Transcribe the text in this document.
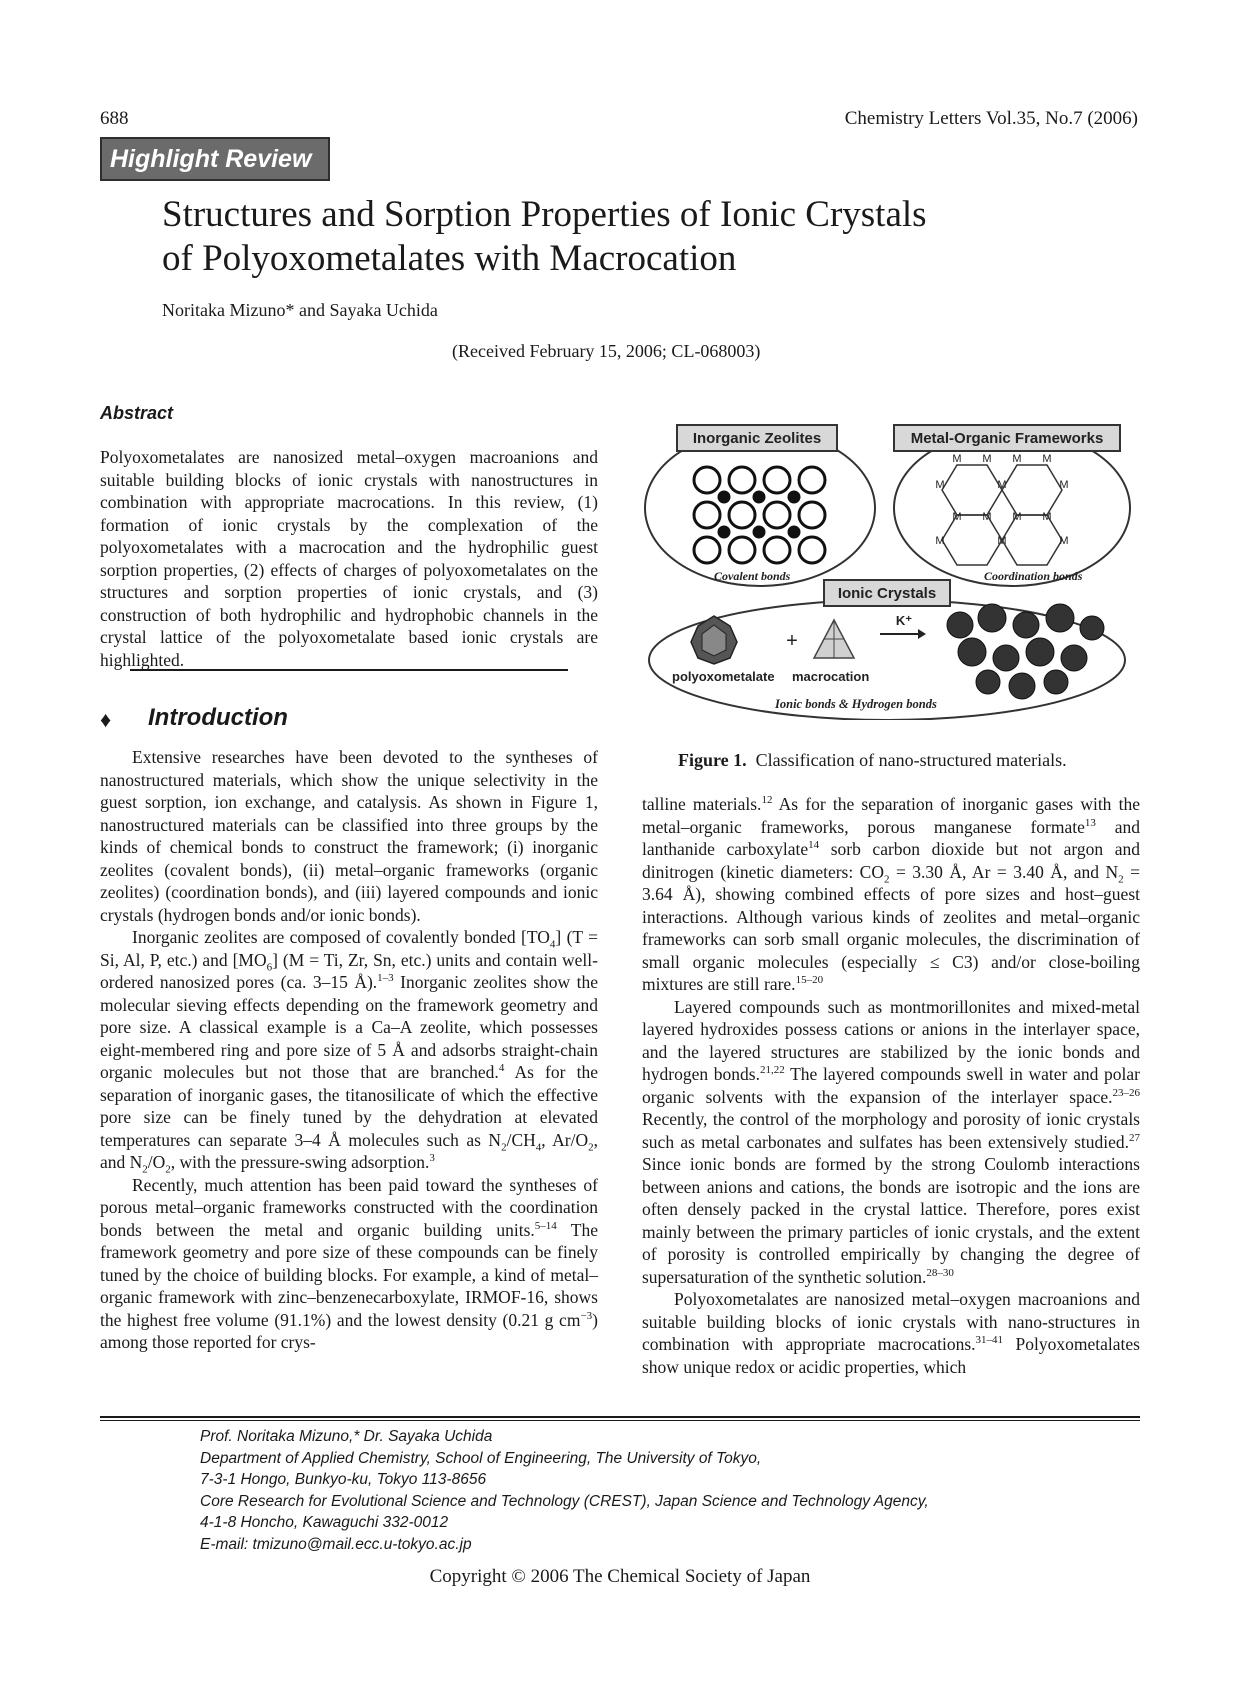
688	Chemistry Letters Vol.35, No.7 (2006)
Highlight Review
Structures and Sorption Properties of Ionic Crystals
of Polyoxometalates with Macrocation
Noritaka Mizuno* and Sayaka Uchida
(Received February 15, 2006; CL-068003)
Abstract

Polyoxometalates are nanosized metal–oxygen macroanions and suitable building blocks of ionic crystals with nanostructures in combination with appropriate macrocations. In this review, (1) formation of ionic crystals by the complexation of the polyoxometalates with a macrocation and the hydrophilic guest sorption properties, (2) effects of charges of polyoxometalates on the structures and sorption properties of ionic crystals, and (3) construction of both hydrophilic and hydrophobic channels in the crystal lattice of the polyoxometalate based ionic crystals are highlighted.

♦ Introduction

Extensive researches have been devoted to the syntheses of nanostructured materials, which show the unique selectivity in the guest sorption, ion exchange, and catalysis. As shown in Figure 1, nanostructured materials can be classified into three groups by the kinds of chemical bonds to construct the framework; (i) inorganic zeolites (covalent bonds), (ii) metal–organic frameworks (organic zeolites) (coordination bonds), and (iii) layered compounds and ionic crystals (hydrogen bonds and/or ionic bonds).

Inorganic zeolites are composed of covalently bonded $[TO_4] (T = Si$, Al, P, etc.) and $[MO_6] (M = Ti$, Zr, Sn, etc.) units and contain well-ordered nanosized pores (ca. 3–15 Å).$^{1-3}$ Inorganic zeolites show the molecular sieving effects depending on the framework geometry and pore size. A classical example is a Ca–A zeolite, which possesses eight-membered ring and pore size of 5 Å and adsorbs straight-chain organic molecules but not those that are branched.$^4$ As for the separation of inorganic gases, the titanosilicate of which the effective pore size can be finely tuned by the dehydration at elevated temperatures can separate 3–4 Å molecules such as $N_2/CH_4$, $Ar/O_2$, and $N_2/O_2$, with the pressure-swing adsorption.$^3$

Recently, much attention has been paid toward the syntheses of porous metal–organic frameworks constructed with the coordination bonds between the metal and organic building units.$^{5-14}$ The framework geometry and pore size of these compounds can be finely tuned by the choice of building blocks. For example, a kind of metal–organic framework with zinc–benzenecarboxylate, IRMOF-16, shows the highest free volume (91.1%) and the lowest density (0.21 g $cm^{-3}$) among those reported for crys-

Inorganic Zeolites
Covalent bonds
Metal-Organic Frameworks
M M M M
M	M	M
M M M M
M	M	M
Coordination bonds
Ionic Crystals
+
K⁺
polyoxometalate macrocation
Ionic bonds & Hydrogen bonds
Figure 1. Classification of nano-structured materials.

talline materials.$^{12}$ As for the separation of inorganic gases with the metal–organic frameworks, porous manganese formate$^{13}$ and lanthanide carboxylate$^{14}$ sorb carbon dioxide but not argon and dinitrogen (kinetic diameters: $CO_2 = 3.30$ Å, Ar = 3.40 Å, and $N_2 = 3.64$ Å), showing combined effects of pore sizes and host–guest interactions. Although various kinds of zeolites and metal–organic frameworks can sorb small organic molecules, the discrimination of small organic molecules (especially ≤ C3) and/or close-boiling mixtures are still rare.$^{15-20}$

Layered compounds such as montmorillonites and mixed-metal layered hydroxides possess cations or anions in the interlayer space, and the layered structures are stabilized by the ionic bonds and hydrogen bonds.$^{21,22}$ The layered compounds swell in water and polar organic solvents with the expansion of the interlayer space.$^{23-26}$ Recently, the control of the morphology and porosity of ionic crystals such as metal carbonates and sulfates has been extensively studied.$^{27}$ Since ionic bonds are formed by the strong Coulomb interactions between anions and cations, the bonds are isotropic and the ions are often densely packed in the crystal lattice. Therefore, pores exist mainly between the primary particles of ionic crystals, and the extent of porosity is controlled empirically by changing the degree of supersaturation of the synthetic solution.$^{28-30}$

Polyoxometalates are nanosized metal–oxygen macroanions and suitable building blocks of ionic crystals with nano-structures in combination with appropriate macrocations.$^{31-41}$ Polyoxometalates show unique redox or acidic properties, which

Prof. Noritaka Mizuno,* Dr. Sayaka Uchida
Department of Applied Chemistry, School of Engineering, The University of Tokyo,
7-3-1 Hongo, Bunkyo-ku, Tokyo 113-8656
Core Research for Evolutional Science and Technology (CREST), Japan Science and Technology Agency,
4-1-8 Honcho, Kawaguchi 332-0012
E-mail: tmizuno@mail.ecc.u-tokyo.ac.jp
Copyright © 2006 The Chemical Society of Japan
